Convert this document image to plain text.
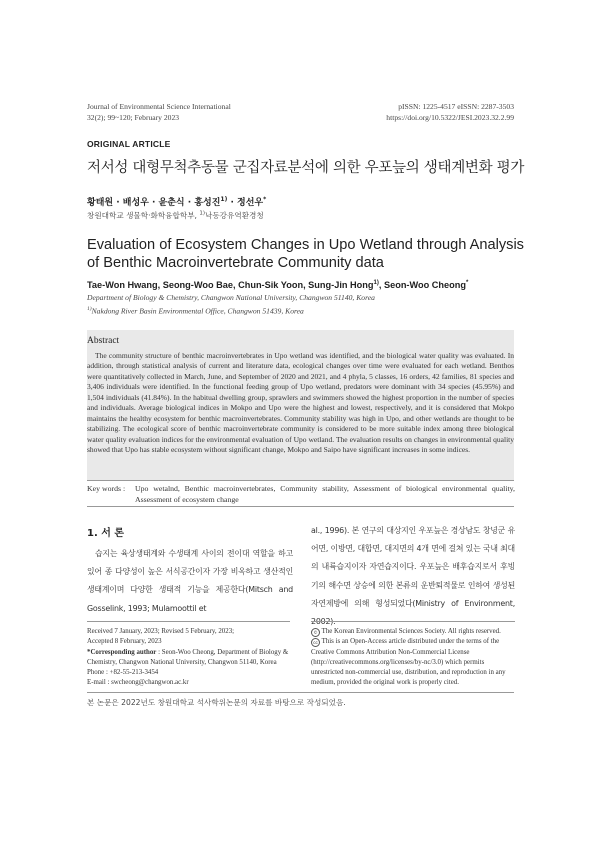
Journal of Environmental Science International
32(2); 99~120; February 2023
pISSN: 1225-4517 eISSN: 2287-3503
https://doi.org/10.5322/JESI.2023.32.2.99
ORIGINAL ARTICLE
저서성 대형무척추동물 군집자료분석에 의한 우포늪의 생태계변화 평가
황태원 · 배성우 · 윤춘식 · 홍성진$^{1)}$ · 정선우*
창원대학교 생물학·화학융합학부, $^{1)}$낙동강유역환경청
Evaluation of Ecosystem Changes in Upo Wetland through Analysis of Benthic Macroinvertebrate Community data
Tae-Won Hwang, Seong-Woo Bae, Chun-Sik Yoon, Sung-Jin Hong$^{1)}$, Seon-Woo Cheong*
Department of Biology & Chemistry, Changwon National University, Changwon 51140, Korea
$^{1)}$Nakdong River Basin Environmental Office, Changwon 51439, Korea
Abstract

The community structure of benthic macroinvertebrates in Upo wetland was identified, and the biological water quality was evaluated. In addition, through statistical analysis of current and literature data, ecological changes over time were evaluated for each wetland. Benthos were quantitatively collected in March, June, and September of 2020 and 2021, and 4 phyla, 5 classes, 16 orders, 42 families, 81 species and 3,406 individuals were identified. In the functional feeding group of Upo wetland, predators were dominant with 34 species (45.95%) and 1,504 individuals (41.84%). In the habitual dwelling group, sprawlers and swimmers showed the highest proportion in the number of species and individuals. Average biological indices in Mokpo and Upo were the highest and lowest, respectively, and it is considered that Mokpo maintains the healthy ecosystem for benthic macroinvertebrates. Community stability was high in Upo, and other wetlands are thought to be stabilizing. The ecological score of benthic macroinvertebrate community is considered to be more suitable index among three biological water quality evaluation indices for the environmental evaluation of Upo wetland. The evaluation results on changes in environmental quality showed that Upo has stable ecosystem without significant change, Mokpo and Saipo have significant increases in some indices.

Key words : Upo wetalnd, Benthic macroinvertebrates, Community stability, Assessment of biological environmental quality, Assessment of ecosystem change
1. 서 론

습지는 육상생태계와 수생태계 사이의 전이대 역할을 하고 있어 종 다양성이 높은 서식공간이자 가장 비옥하고 생산적인 생태계이며 다양한 생태적 기능을 제공한다(Mitsch and Gosselink, 1993; Mulamoottil et

al., 1996). 본 연구의 대상지인 우포늪은 경상남도 창녕군 유어면, 이방면, 대합면, 대지면의 4개 면에 걸쳐 있는 국내 최대의 내륙습지이자 자연습지이다. 우포늪은 배후습지로서 후빙기의 해수면 상승에 의한 본류의 운반퇴적물로 인하여 생성된 자연제방에 의해 형성되었다(Ministry of Environment, 2002).

Received 7 January, 2023; Revised 5 February, 2023;
Accepted 8 February, 2023
*Corresponding author : Seon-Woo Cheong, Department of Biology & Chemistry, Changwon National University, Changwon 51140, Korea
Phone : +82-55-213-3454
E-mail : swcheong@changwon.ac.kr
© The Korean Environmental Sciences Society. All rights reserved.
cc This is an Open-Access article distributed under the terms of the Creative Commons Attribution Non-Commercial License (http://creativecommons.org/licenses/by-nc/3.0) which permits unrestricted non-commercial use, distribution, and reproduction in any medium, provided the original work is properly cited.
본 논문은 2022년도 창원대학교 석사학위논문의 자료를 바탕으로 작성되었음.
